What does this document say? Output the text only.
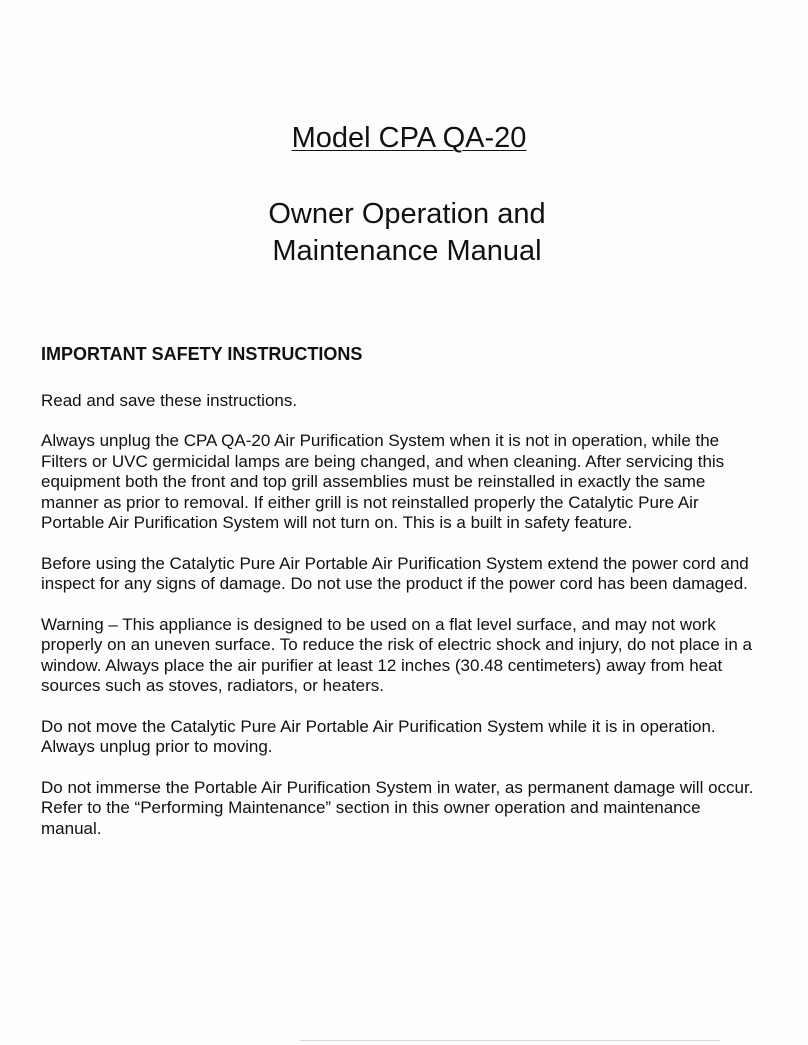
Model CPA QA-20
Owner Operation and
Maintenance Manual
IMPORTANT SAFETY INSTRUCTIONS

Read and save these instructions.

Always unplug the CPA QA-20 Air Purification System when it is not in operation, while the Filters or UVC germicidal lamps are being changed, and when cleaning. After servicing this equipment both the front and top grill assemblies must be reinstalled in exactly the same manner as prior to removal. If either grill is not reinstalled properly the Catalytic Pure Air Portable Air Purification System will not turn on. This is a built in safety feature.

Before using the Catalytic Pure Air Portable Air Purification System extend the power cord and inspect for any signs of damage. Do not use the product if the power cord has been damaged.

Warning – This appliance is designed to be used on a flat level surface, and may not work properly on an uneven surface. To reduce the risk of electric shock and injury, do not place in a window. Always place the air purifier at least 12 inches (30.48 centimeters) away from heat sources such as stoves, radiators, or heaters.

Do not move the Catalytic Pure Air Portable Air Purification System while it is in operation.

Always unplug prior to moving.

Do not immerse the Portable Air Purification System in water, as permanent damage will occur. Refer to the “Performing Maintenance” section in this owner operation and maintenance manual.
